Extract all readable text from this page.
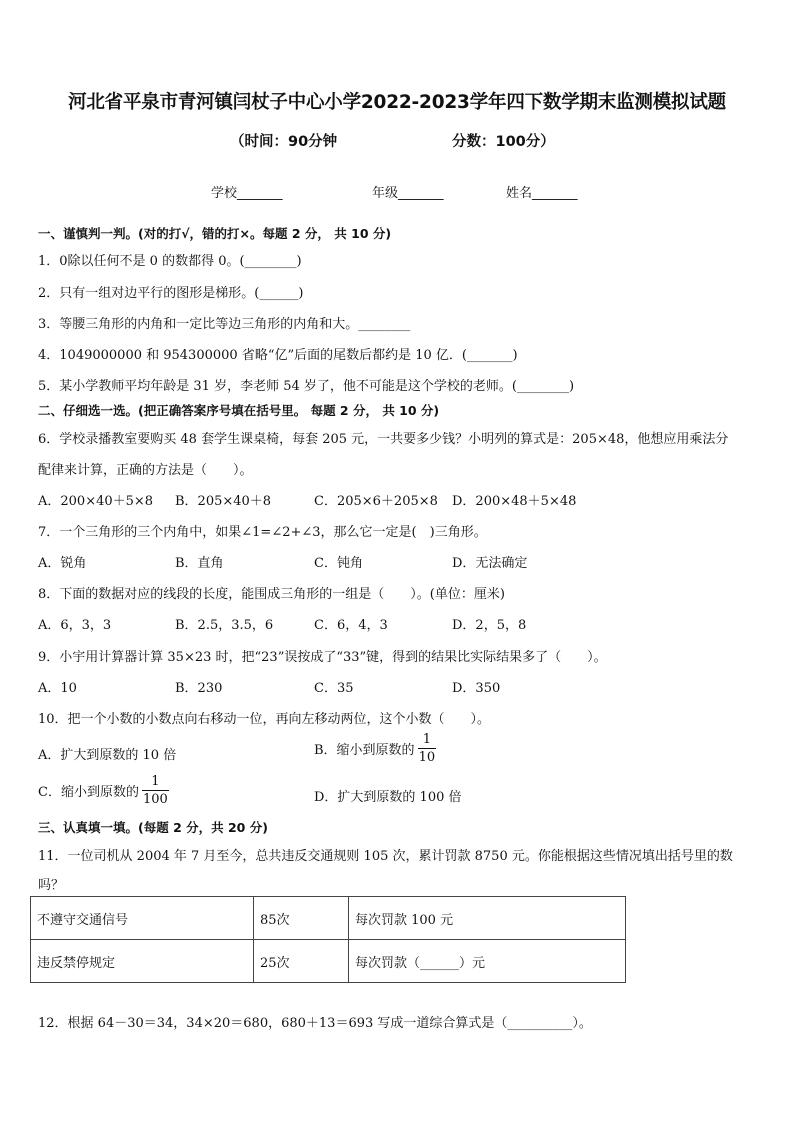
河北省平泉市青河镇闫杖子中心小学2022-2023学年四下数学期末监测模拟试题
（时间：90分钟	分数：100分）
学校_______	年级_______	姓名_______
一、谨慎判一判。(对的打√，错的打×。每题 2 分， 共 10 分)
1．0除以任何不是 0 的数都得 0。(________)
2．只有一组对边平行的图形是梯形。(______)
3．等腰三角形的内角和一定比等边三角形的内角和大。________
4．1049000000 和 954300000 省略“亿”后面的尾数后都约是 10 亿．(_______)
5．某小学教师平均年龄是 31 岁，李老师 54 岁了，他不可能是这个学校的老师。(________)
二、仔细选一选。(把正确答案序号填在括号里。 每题 2 分， 共 10 分)
6．学校录播教室要购买 48 套学生课桌椅，每套 205 元，一共要多少钱？小明列的算式是：205×48，他想应用乘法分
配律来计算，正确的方法是（　　）。
A．200×40＋5×8 B．205×40＋8	C．205×6＋205×8 D．200×48＋5×48
7．一个三角形的三个内角中，如果∠1=∠2+∠3，那么它一定是(　)三角形。
A．锐角	B．直角	C．钝角	D．无法确定
8．下面的数据对应的线段的长度，能围成三角形的一组是（　　）。(单位：厘米)
A．6，3，3	B．2.5，3.5，6	C．6，4，3	D．2，5，8
9．小宇用计算器计算 35×23 时，把“23”误按成了“33”键，得到的结果比实际结果多了（　　）。
A．10	B．230	C．35	D．350
10．把一个小数的小数点向右移动一位，再向左移动两位，这个小数（　　）。
A．扩大到原数的 10 倍	B．缩小到原数的 $\frac{1}{10}$
C．缩小到原数的 $\frac{1}{100}$	D．扩大到原数的 100 倍
三、认真填一填。(每题 2 分，共 20 分)
11．一位司机从 2004 年 7 月至今，总共违反交通规则 105 次，累计罚款 8750 元。你能根据这些情况填出括号里的数
吗？
不遵守交通信号	85次	每次罚款 100 元
违反禁停规定	25次	每次罚款（______）元
12．根据 64－30＝34，34×20＝680，680＋13＝693 写成一道综合算式是（__________）。
